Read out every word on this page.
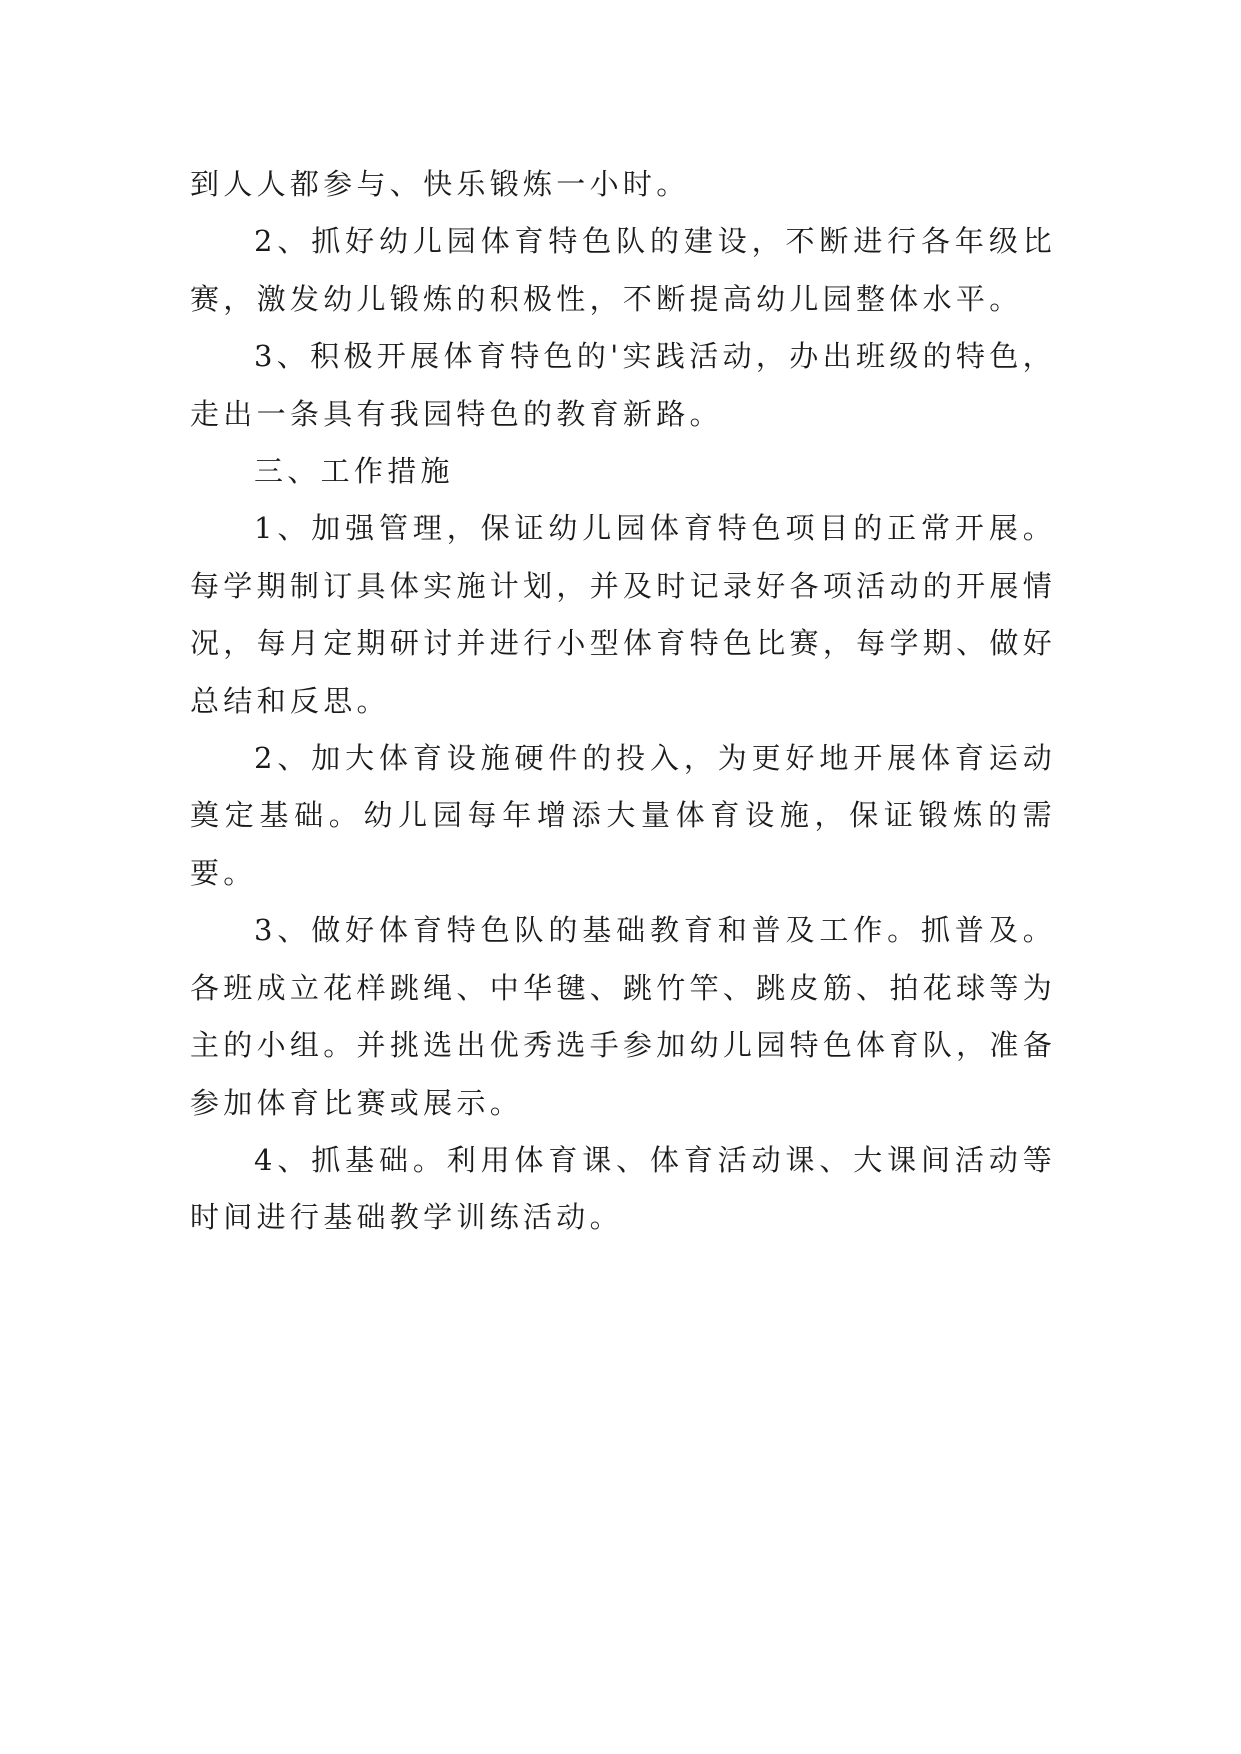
到人人都参与、快乐锻炼一小时。

2、抓好幼儿园体育特色队的建设，不断进行各年级比赛，激发幼儿锻炼的积极性，不断提高幼儿园整体水平。

3、积极开展体育特色的'实践活动，办出班级的特色，走出一条具有我园特色的教育新路。

三、工作措施

1、加强管理，保证幼儿园体育特色项目的正常开展。每学期制订具体实施计划，并及时记录好各项活动的开展情况，每月定期研讨并进行小型体育特色比赛，每学期、做好总结和反思。

2、加大体育设施硬件的投入，为更好地开展体育运动奠定基础。幼儿园每年增添大量体育设施，保证锻炼的需要。

3、做好体育特色队的基础教育和普及工作。抓普及。各班成立花样跳绳、中华毽、跳竹竿、跳皮筋、拍花球等为主的小组。并挑选出优秀选手参加幼儿园特色体育队，准备参加体育比赛或展示。

4、抓基础。利用体育课、体育活动课、大课间活动等时间进行基础教学训练活动。
